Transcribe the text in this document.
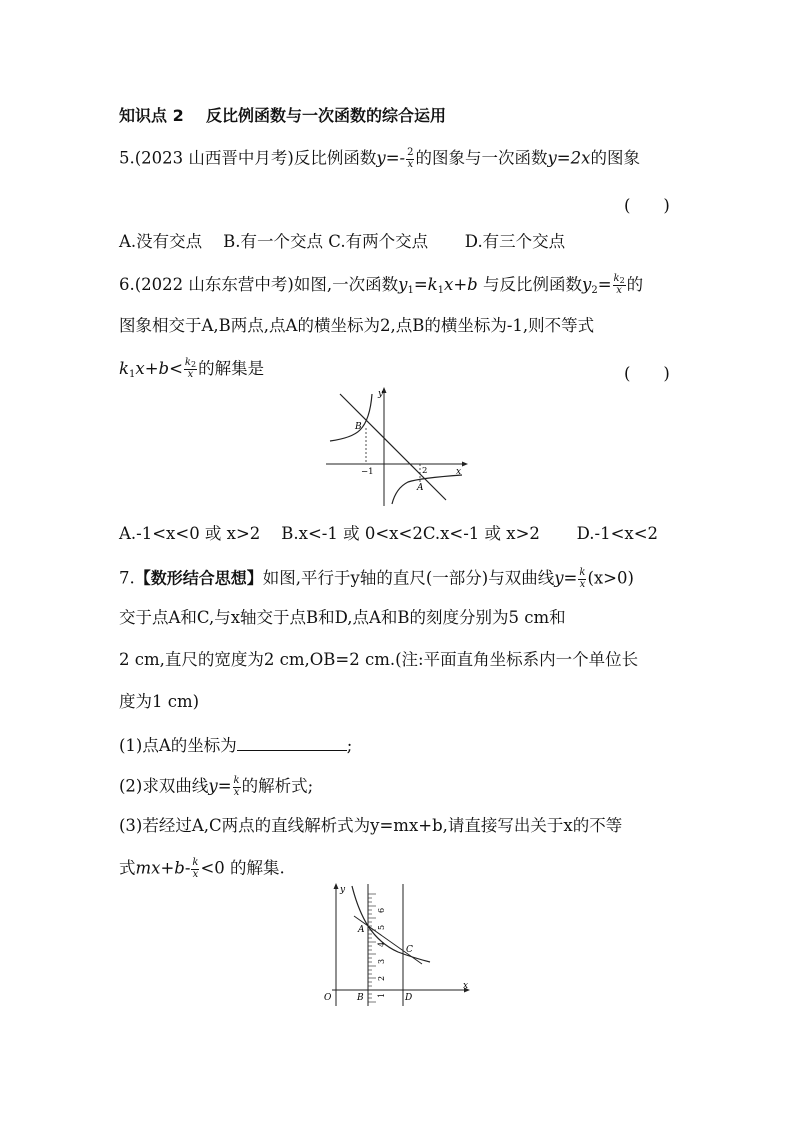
知识点 2 反比例函数与一次函数的综合运用
5.(2023 山西晋中月考)反比例函数$y=- \frac{2}{x}$ 的图象与一次函数y=2x的图象
(　　)
A.没有交点 B.有一个交点 C.有两个交点 D.有三个交点
6.(2022 山东东营中考)如图,一次函数$y_1=k_1x+b$ 与反比例函数$y_2= \frac{k_2}{x}$ 的
图象相交于A,B两点,点A的横坐标为2,点B的横坐标为-1,则不等式
$k_1x+b< \frac{k_2}{x}$ 的解集是	(　　)
y
x
B
A
−1	2
A.-1<x<0 或 x>2 B.x<-1 或 0<x<2C.x<-1 或 x>2 D.-1<x<2
7.【数形结合思想】如图,平行于y轴的直尺(一部分)与双曲线$y= \frac{k}{x} (x>0)$
交于点A和C,与x轴交于点B和D,点A和B的刻度分别为5 cm和
2 cm,直尺的宽度为2 cm,OB=2 cm.(注:平面直角坐标系内一个单位长
度为1 cm)
(1)点A的坐标为	;
(2)求双曲线$y= \frac{k}{x}$ 的解析式;
(3)若经过A,C两点的直线解析式为y=mx+b,请直接写出关于x的不等
式$mx+b- \frac{k}{x} <0$ 的解集.
y
x
O	1
2
3
4
5
6
A
C
B	D
